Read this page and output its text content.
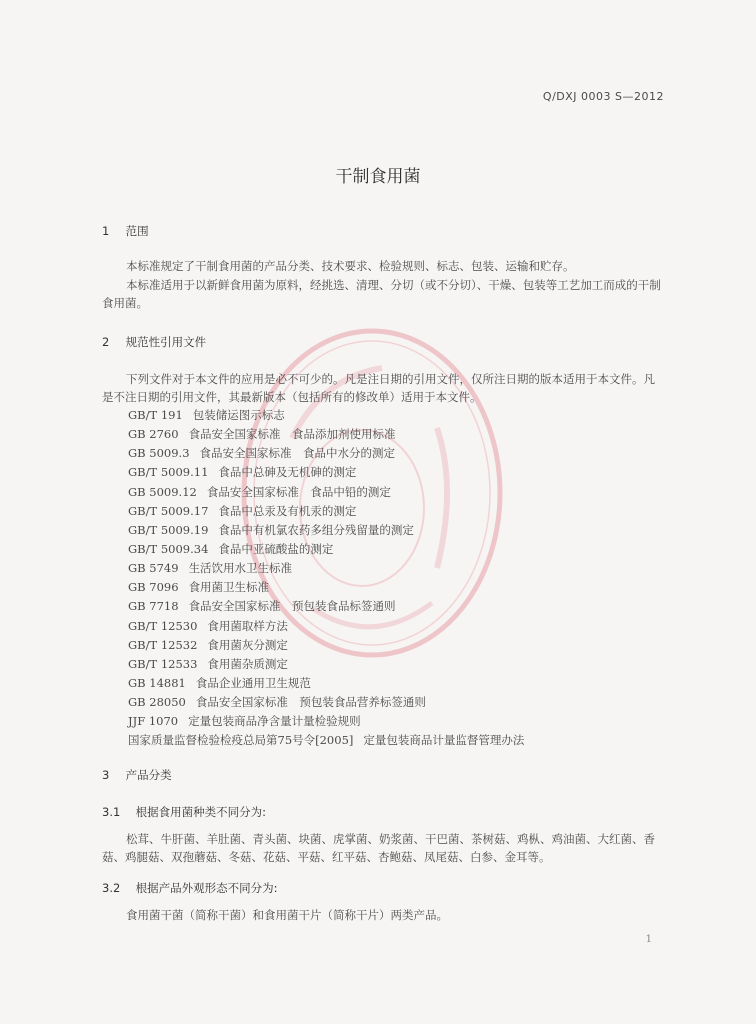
Q/DXJ 0003 S—2012
干制食用菌
1 范围
本标准规定了干制食用菌的产品分类、技术要求、检验规则、标志、包装、运输和贮存。
本标准适用于以新鲜食用菌为原料，经挑选、清理、分切（或不分切）、干燥、包装等工艺加工而成的干制食用菌。
2 规范性引用文件
下列文件对于本文件的应用是必不可少的。凡是注日期的引用文件，仅所注日期的版本适用于本文件。凡是不注日期的引用文件，其最新版本（包括所有的修改单）适用于本文件。
GB/T 191 包装储运图示标志
GB 2760 食品安全国家标准　食品添加剂使用标准
GB 5009.3 食品安全国家标准　食品中水分的测定
GB/T 5009.11 食品中总砷及无机砷的测定
GB 5009.12 食品安全国家标准　食品中铅的测定
GB/T 5009.17 食品中总汞及有机汞的测定
GB/T 5009.19 食品中有机氯农药多组分残留量的测定
GB/T 5009.34 食品中亚硫酸盐的测定
GB 5749 生活饮用水卫生标准
GB 7096 食用菌卫生标准
GB 7718 食品安全国家标准　预包装食品标签通则
GB/T 12530 食用菌取样方法
GB/T 12532 食用菌灰分测定
GB/T 12533 食用菌杂质测定
GB 14881 食品企业通用卫生规范
GB 28050 食品安全国家标准　预包装食品营养标签通则
JJF 1070 定量包装商品净含量计量检验规则
国家质量监督检验检疫总局第75号令[2005] 定量包装商品计量监督管理办法
3 产品分类
3.1 根据食用菌种类不同分为:
松茸、牛肝菌、羊肚菌、青头菌、块菌、虎掌菌、奶浆菌、干巴菌、茶树菇、鸡枞、鸡油菌、大红菌、香菇、鸡腿菇、双孢蘑菇、冬菇、花菇、平菇、红平菇、杏鲍菇、凤尾菇、白参、金耳等。
3.2 根据产品外观形态不同分为:
食用菌干菌（简称干菌）和食用菌干片（简称干片）两类产品。
1
